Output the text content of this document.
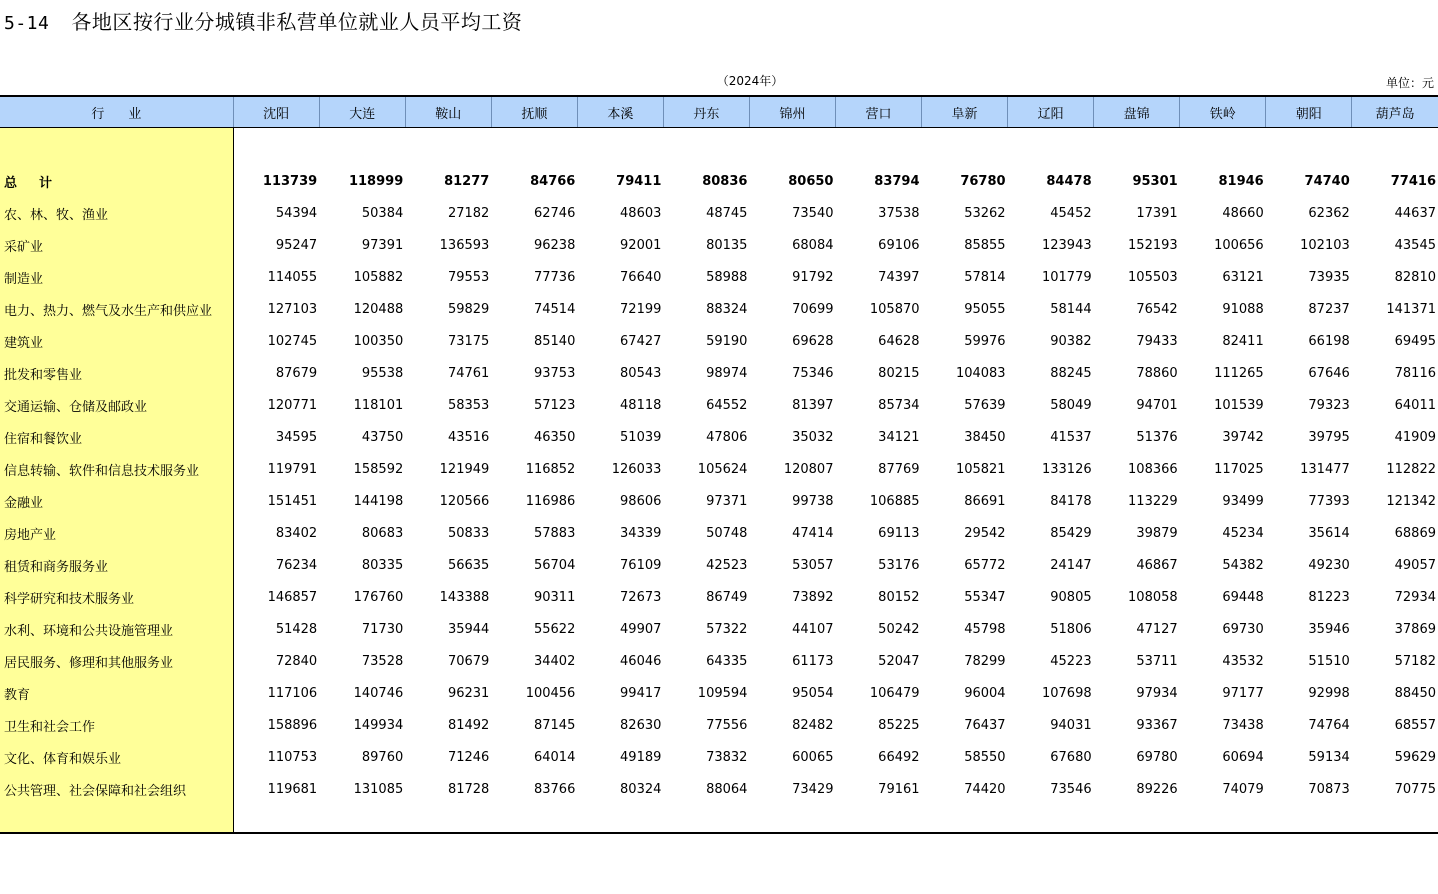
5-14 各地区按行业分城镇非私营单位就业人员平均工资
（2024年）	单位：元
行业	沈阳	大连	鞍山	抚顺	本溪	丹东	锦州	营口	阜新	辽阳	盘锦	铁岭	朝阳	葫芦岛

总计	113739	118999	81277	84766	79411	80836	80650	83794	76780	84478	95301	81946	74740	77416
农、林、牧、渔业	54394	50384	27182	62746	48603	48745	73540	37538	53262	45452	17391	48660	62362	44637
采矿业	95247	97391	136593	96238	92001	80135	68084	69106	85855	123943	152193	100656	102103	43545
制造业	114055	105882	79553	77736	76640	58988	91792	74397	57814	101779	105503	63121	73935	82810
电力、热力、燃气及水生产和供应业	127103	120488	59829	74514	72199	88324	70699	105870	95055	58144	76542	91088	87237	141371
建筑业	102745	100350	73175	85140	67427	59190	69628	64628	59976	90382	79433	82411	66198	69495
批发和零售业	87679	95538	74761	93753	80543	98974	75346	80215	104083	88245	78860	111265	67646	78116
交通运输、仓储及邮政业	120771	118101	58353	57123	48118	64552	81397	85734	57639	58049	94701	101539	79323	64011
住宿和餐饮业	34595	43750	43516	46350	51039	47806	35032	34121	38450	41537	51376	39742	39795	41909
信息转输、软件和信息技术服务业	119791	158592	121949	116852	126033	105624	120807	87769	105821	133126	108366	117025	131477	112822
金融业	151451	144198	120566	116986	98606	97371	99738	106885	86691	84178	113229	93499	77393	121342
房地产业	83402	80683	50833	57883	34339	50748	47414	69113	29542	85429	39879	45234	35614	68869
租赁和商务服务业	76234	80335	56635	56704	76109	42523	53057	53176	65772	24147	46867	54382	49230	49057
科学研究和技术服务业	146857	176760	143388	90311	72673	86749	73892	80152	55347	90805	108058	69448	81223	72934
水利、环境和公共设施管理业	51428	71730	35944	55622	49907	57322	44107	50242	45798	51806	47127	69730	35946	37869
居民服务、修理和其他服务业	72840	73528	70679	34402	46046	64335	61173	52047	78299	45223	53711	43532	51510	57182
教育	117106	140746	96231	100456	99417	109594	95054	106479	96004	107698	97934	97177	92998	88450
卫生和社会工作	158896	149934	81492	87145	82630	77556	82482	85225	76437	94031	93367	73438	74764	68557
文化、体育和娱乐业	110753	89760	71246	64014	49189	73832	60065	66492	58550	67680	69780	60694	59134	59629
公共管理、社会保障和社会组织	119681	131085	81728	83766	80324	88064	73429	79161	74420	73546	89226	74079	70873	70775
